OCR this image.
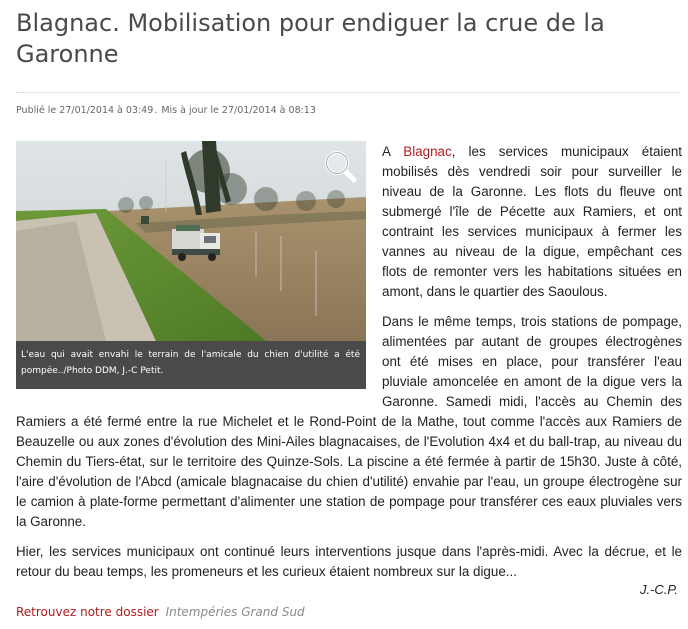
Blagnac. Mobilisation pour endiguer la crue de la Garonne
Publié le 27/01/2014 à 03:49. Mis à jour le 27/01/2014 à 08:13
L'eau qui avait envahi le terrain de l'amicale du chien d'utilité a été pompée../Photo DDM, J.-C Petit.

A Blagnac, les services municipaux étaient mobilisés dès vendredi soir pour surveiller le niveau de la Garonne. Les flots du fleuve ont submergé l'île de Pécette aux Ramiers, et ont contraint les services municipaux à fermer les vannes au niveau de la digue, empêchant ces flots de remonter vers les habitations situées en amont, dans le quartier des Saoulous.

Dans le même temps, trois stations de pompage, alimentées par autant de groupes électrogènes ont été mises en place, pour transférer l'eau pluviale amoncelée en amont de la digue vers la Garonne. Samedi midi, l'accès au Chemin des Ramiers a été fermé entre la rue Michelet et le Rond-Point de la Mathe, tout comme l'accès aux Ramiers de Beauzelle ou aux zones d'évolution des Mini-Ailes blagnacaises, de l'Evolution 4x4 et du ball-trap, au niveau du Chemin du Tiers-état, sur le territoire des Quinze-Sols. La piscine a été fermée à partir de 15h30. Juste à côté, l'aire d'évolution de l'Abcd (amicale blagnacaise du chien d'utilité) envahie par l'eau, un groupe électrogène sur le camion à plate-forme permettant d'alimenter une station de pompage pour transférer ces eaux pluviales vers la Garonne.

Hier, les services municipaux ont continué leurs interventions jusque dans l'après-midi. Avec la décrue, et le retour du beau temps, les promeneurs et les curieux étaient nombreux sur la digue...

J.-C.P.
Retrouvez notre dossier Intempéries Grand Sud
